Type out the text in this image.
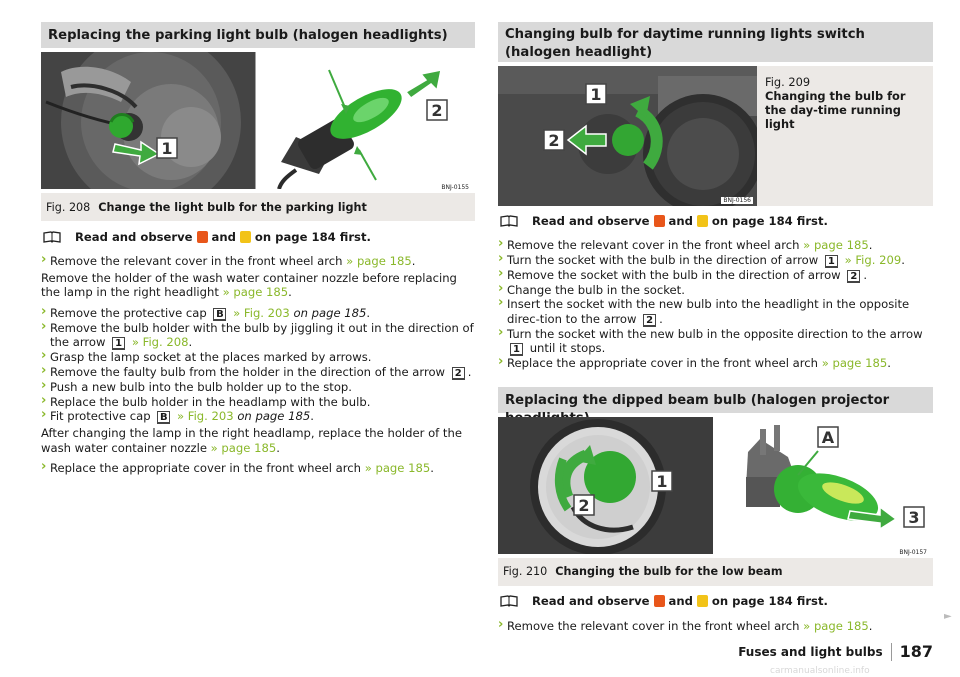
Replacing the parking light bulb (halogen headlights)
1
2
BNJ-0155
Fig. 208 Change the light bulb for the parking light
Read and observe and on page 184 first.
› Remove the relevant cover in the front wheel arch » page 185.
Remove the holder of the wash water container nozzle before replacing the lamp in the right headlight » page 185.
› Remove the protective cap B » Fig. 203 on page 185.
› Remove the bulb holder with the bulb by jiggling it out in the direction of the arrow 1 » Fig. 208.
› Grasp the lamp socket at the places marked by arrows.
› Remove the faulty bulb from the holder in the direction of the arrow 2 .
› Push a new bulb into the bulb holder up to the stop.
› Replace the bulb holder in the headlamp with the bulb.
› Fit protective cap B » Fig. 203 on page 185.
After changing the lamp in the right headlamp, replace the holder of the wash water container nozzle » page 185.
› Replace the appropriate cover in the front wheel arch » page 185.
Changing bulb for daytime running lights switch (halogen headlight)
1
2
BNJ-0156
Fig. 209
Changing the bulb for the day-time running light
Read and observe and on page 184 first.
› Remove the relevant cover in the front wheel arch » page 185.
› Turn the socket with the bulb in the direction of arrow 1 » Fig. 209.
› Remove the socket with the bulb in the direction of arrow 2 .
› Change the bulb in the socket.
› Insert the socket with the new bulb into the headlight in the opposite direc-tion to the arrow 2 .
› Turn the socket with the new bulb in the opposite direction to the arrow 1 until it stops.
› Replace the appropriate cover in the front wheel arch » page 185.
Replacing the dipped beam bulb (halogen projector
1
2
3
A
BNJ-0157
Fig. 210 Changing the bulb for the low beam
Read and observe and on page 184 first.
› Remove the relevant cover in the front wheel arch » page 185.
►
Fuses and light bulbs 187
carmanualsonline.info
